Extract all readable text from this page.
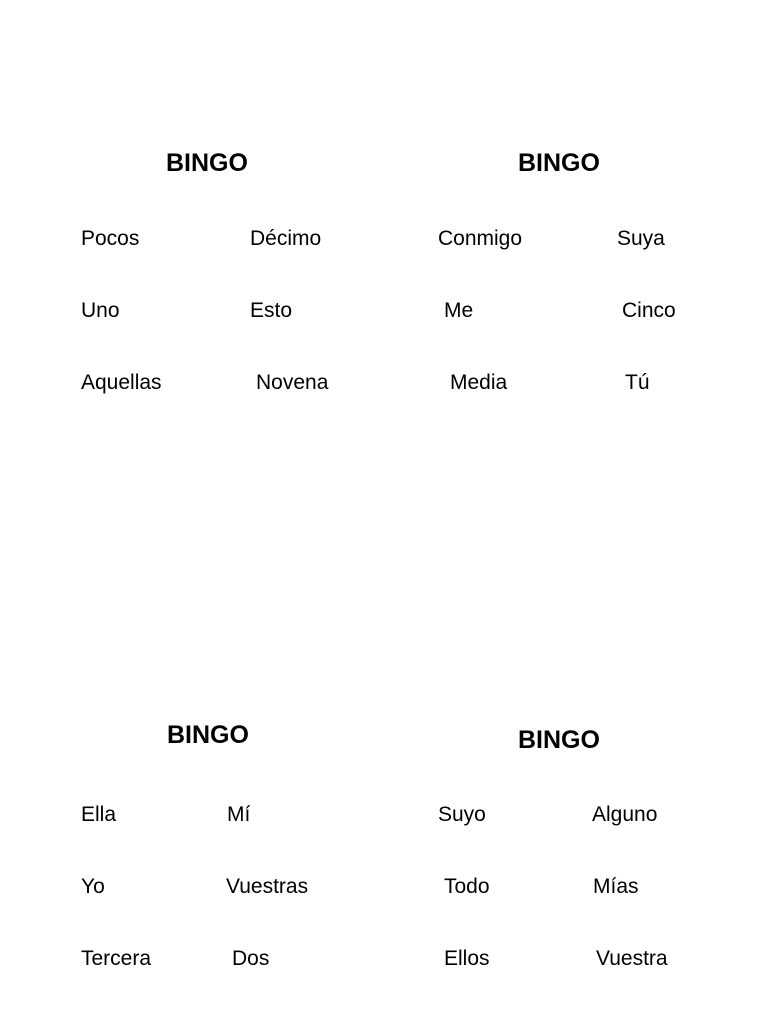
BINGO
Pocos	Décimo
Uno	Esto
Aquellas	Novena
BINGO
Conmigo	Suya
Me	Cinco
Media	Tú
BINGO
Ella	Mí
Yo	Vuestras
Tercera	Dos
BINGO
Suyo	Alguno
Todo	Mías
Ellos	Vuestra
